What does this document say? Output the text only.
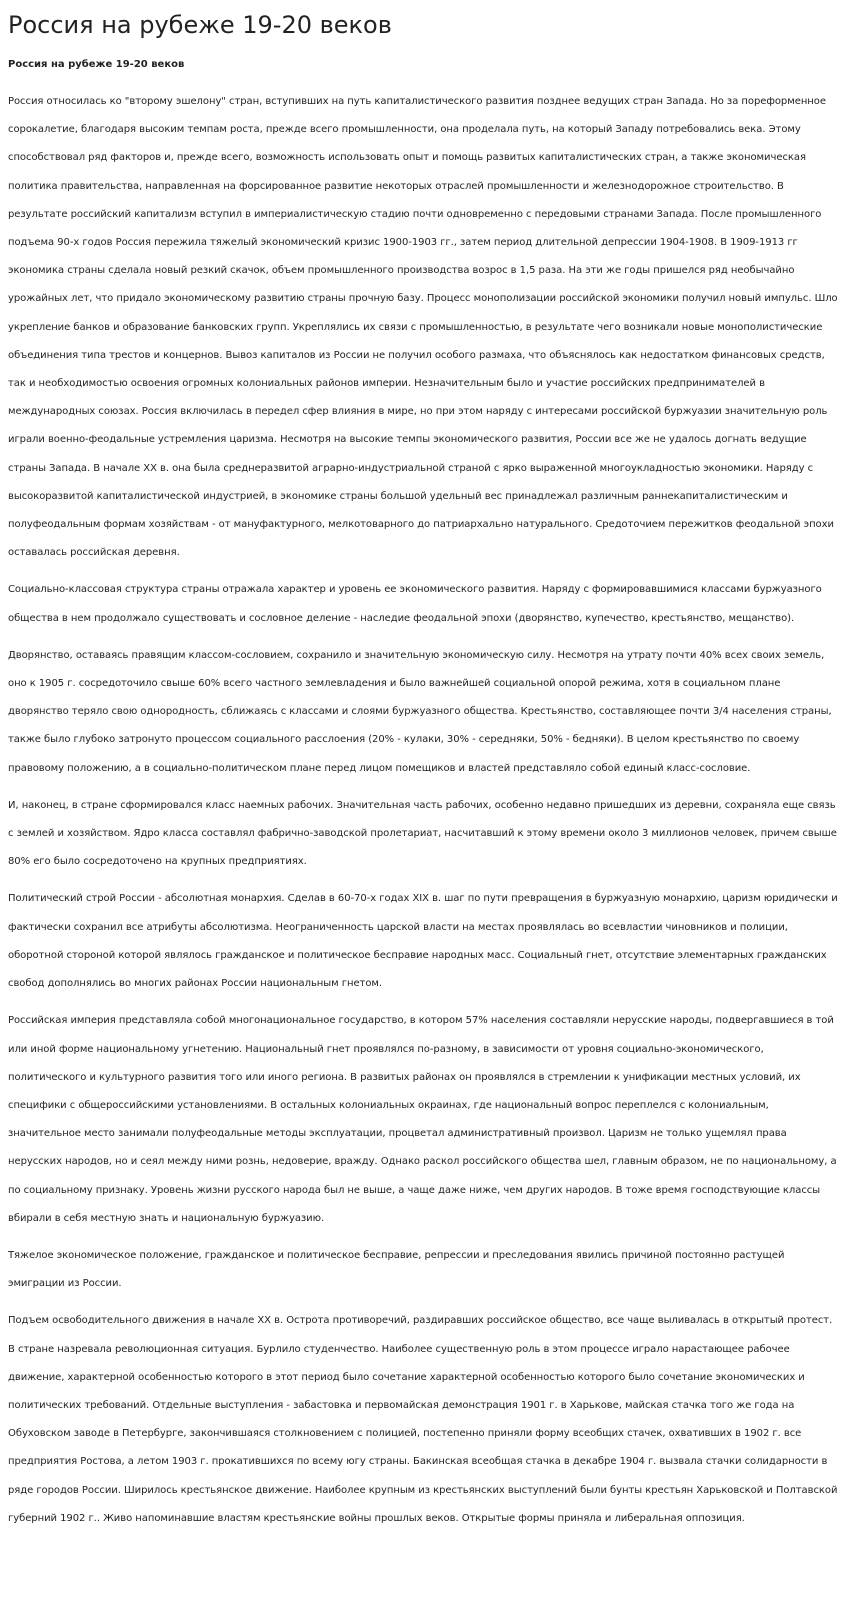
Россия на рубеже 19-20 веков
Россия на рубеже 19-20 веков

Россия относилась ко "второму эшелону" стран, вступивших на путь капиталистического развития позднее ведущих стран Запада. Но за пореформенное сорокалетие, благодаря высоким темпам роста, прежде всего промышленности, она проделала путь, на который Западу потребовались века. Этому способствовал ряд факторов и, прежде всего, возможность использовать опыт и помощь развитых капиталистических стран, а также экономическая политика правительства, направленная на форсированное развитие некоторых отраслей промышленности и железнодорожное строительство. В результате российский капитализм вступил в империалистическую стадию почти одновременно с передовыми странами Запада. После промышленного подъема 90-х годов Россия пережила тяжелый экономический кризис 1900-1903 гг., затем период длительной депрессии 1904-1908. В 1909-1913 гг экономика страны сделала новый резкий скачок, объем промышленного производства возрос в 1,5 раза. На эти же годы пришелся ряд необычайно урожайных лет, что придало экономическому развитию страны прочную базу. Процесс монополизации российской экономики получил новый импульс. Шло укрепление банков и образование банковских групп. Укреплялись их связи с промышленностью, в результате чего возникали новые монополистические объединения типа трестов и концернов. Вывоз капиталов из России не получил особого размаха, что объяснялось как недостатком финансовых средств, так и необходимостью освоения огромных колониальных районов империи. Незначительным было и участие российских предпринимателей в международных союзах. Россия включилась в передел сфер влияния в мире, но при этом наряду с интересами российской буржуазии значительную роль играли военно-феодальные устремления царизма. Несмотря на высокие темпы экономического развития, России все же не удалось догнать ведущие страны Запада. В начале XX в. она была среднеразвитой аграрно-индустриальной страной с ярко выраженной многоукладностью экономики. Наряду с высокоразвитой капиталистической индустрией, в экономике страны большой удельный вес принадлежал различным раннекапиталистическим и полуфеодальным формам хозяйствам - от мануфактурного, мелкотоварного до патриархально натурального. Средоточием пережитков феодальной эпохи оставалась российская деревня.

Социально-классовая структура страны отражала характер и уровень ее экономического развития. Наряду с формировавшимися классами буржуазного общества в нем продолжало существовать и сословное деление - наследие феодальной эпохи (дворянство, купечество, крестьянство, мещанство).

Дворянство, оставаясь правящим классом-сословием, сохранило и значительную экономическую силу. Несмотря на утрату почти 40% всех своих земель, оно к 1905 г. сосредоточило свыше 60% всего частного землевладения и было важнейшей социальной опорой режима, хотя в социальном плане дворянство теряло свою однородность, сближаясь с классами и слоями буржуазного общества. Крестьянство, составляющее почти 3/4 населения страны, также было глубоко затронуто процессом социального расслоения (20% - кулаки, 30% - середняки, 50% - бедняки). В целом крестьянство по своему правовому положению, а в социально-политическом плане перед лицом помещиков и властей представляло собой единый класс-сословие.

И, наконец, в стране сформировался класс наемных рабочих. Значительная часть рабочих, особенно недавно пришедших из деревни, сохраняла еще связь с землей и хозяйством. Ядро класса составлял фабрично-заводской пролетариат, насчитавший к этому времени около 3 миллионов человек, причем свыше 80% его было сосредоточено на крупных предприятиях.

Политический строй России - абсолютная монархия. Сделав в 60-70-х годах XIX в. шаг по пути превращения в буржуазную монархию, царизм юридически и фактически сохранил все атрибуты абсолютизма. Неограниченность царской власти на местах проявлялась во всевластии чиновников и полиции, оборотной стороной которой являлось гражданское и политическое бесправие народных масс. Социальный гнет, отсутствие элементарных гражданских свобод дополнялись во многих районах России национальным гнетом.

Российская империя представляла собой многонациональное государство, в котором 57% населения составляли нерусские народы, подвергавшиеся в той или иной форме национальному угнетению. Национальный гнет проявлялся по-разному, в зависимости от уровня социально-экономического, политического и культурного развития того или иного региона. В развитых районах он проявлялся в стремлении к унификации местных условий, их специфики с общероссийскими установлениями. В остальных колониальных окраинах, где национальный вопрос переплелся с колониальным, значительное место занимали полуфеодальные методы эксплуатации, процветал административный произвол. Царизм не только ущемлял права нерусских народов, но и сеял между ними рознь, недоверие, вражду. Однако раскол российского общества шел, главным образом, не по национальному, а по социальному признаку. Уровень жизни русского народа был не выше, а чаще даже ниже, чем других народов. В тоже время господствующие классы вбирали в себя местную знать и национальную буржуазию.

Тяжелое экономическое положение, гражданское и политическое бесправие, репрессии и преследования явились причиной постоянно растущей эмиграции из России.

Подъем освободительного движения в начале XX в. Острота противоречий, раздиравших российское общество, все чаще выливалась в открытый протест. В стране назревала революционная ситуация. Бурлило студенчество. Наиболее существенную роль в этом процессе играло нарастающее рабочее движение, характерной особенностью которого в этот период было сочетание характерной особенностью которого было сочетание экономических и политических требований. Отдельные выступления - забастовка и первомайская демонстрация 1901 г. в Харькове, майская стачка того же года на Обуховском заводе в Петербурге, закончившаяся столкновением с полицией, постепенно приняли форму всеобщих стачек, охвативших в 1902 г. все предприятия Ростова, а летом 1903 г. прокатившихся по всему югу страны. Бакинская всеобщая стачка в декабре 1904 г. вызвала стачки солидарности в ряде городов России. Ширилось крестьянское движение. Наиболее крупным из крестьянских выступлений были бунты крестьян Харьковской и Полтавской губерний 1902 г.. Живо напоминавшие властям крестьянские войны прошлых веков. Открытые формы приняла и либеральная оппозиция.
